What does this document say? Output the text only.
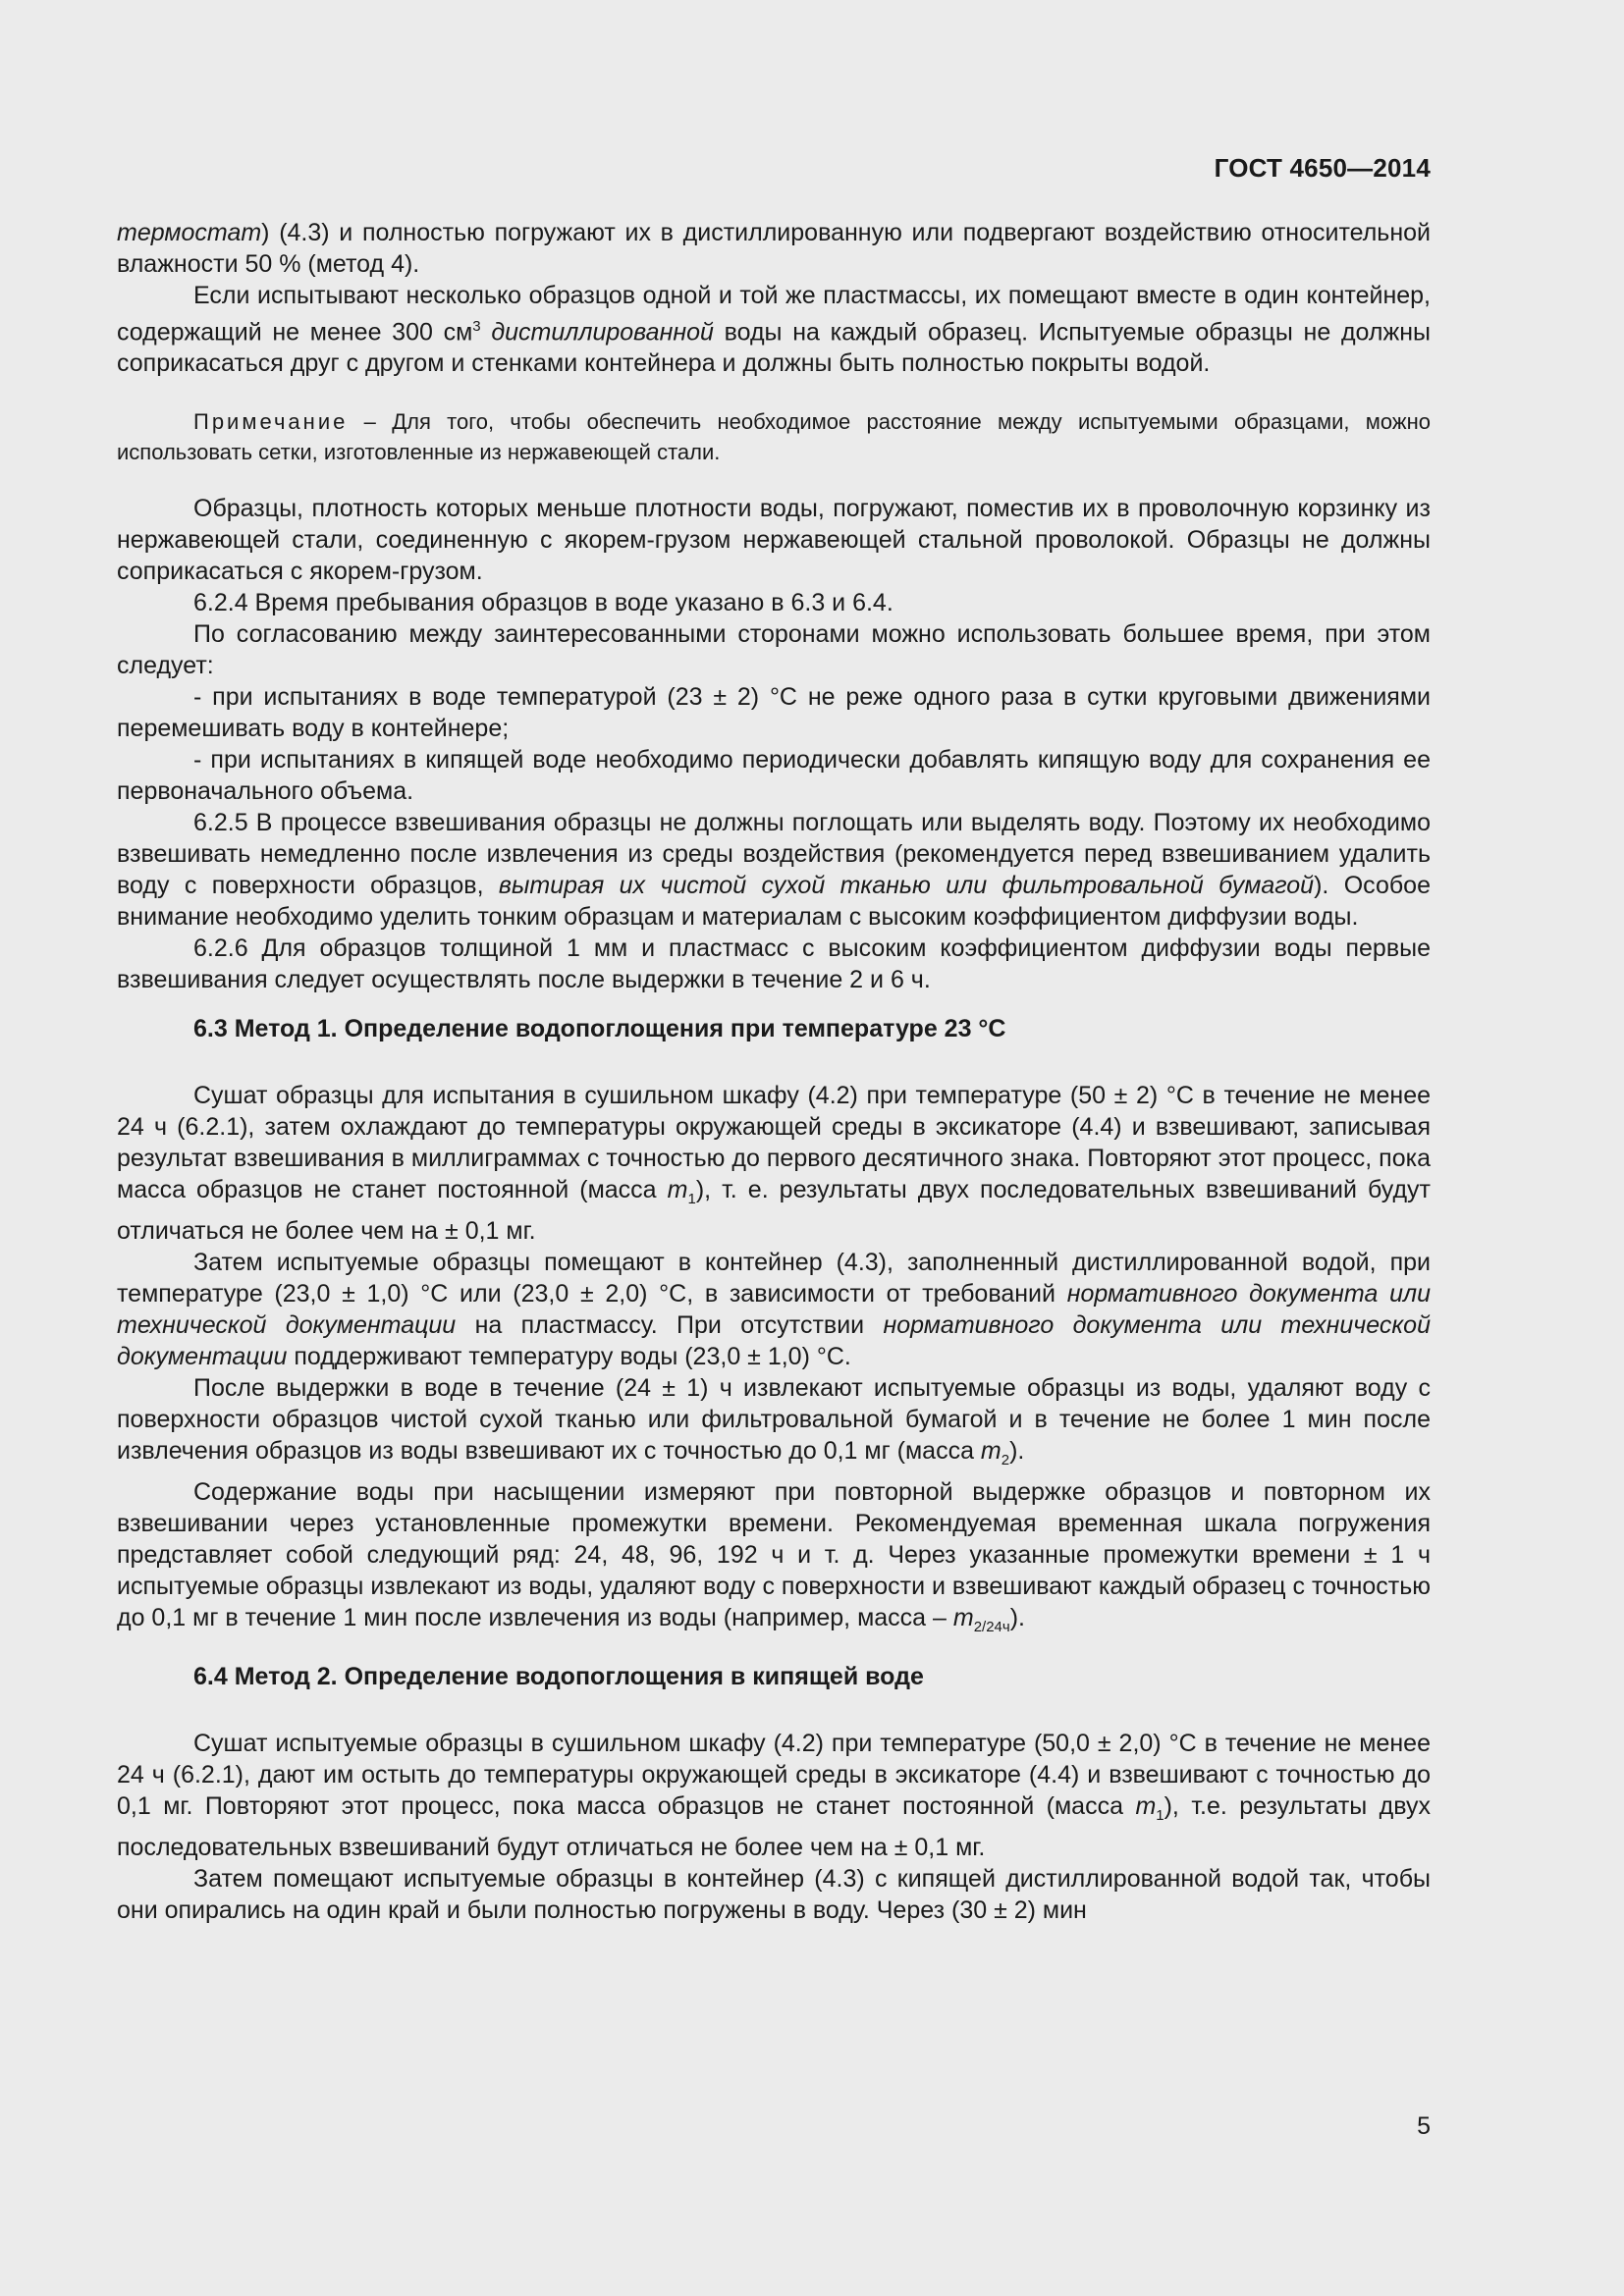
ГОСТ 4650—2014

термостат) (4.3) и полностью погружают их в дистиллированную или подвергают воздействию относительной влажности 50 % (метод 4).

Если испытывают несколько образцов одной и той же пластмассы, их помещают вместе в один контейнер, содержащий не менее 300 $см^3$ дистиллированной воды на каждый образец. Испытуемые образцы не должны соприкасаться друг с другом и стенками контейнера и должны быть полностью покрыты водой.

Примечание – Для того, чтобы обеспечить необходимое расстояние между испытуемыми образцами, можно использовать сетки, изготовленные из нержавеющей стали.

Образцы, плотность которых меньше плотности воды, погружают, поместив их в проволочную корзинку из нержавеющей стали, соединенную с якорем-грузом нержавеющей стальной проволокой. Образцы не должны соприкасаться с якорем-грузом.

6.2.4 Время пребывания образцов в воде указано в 6.3 и 6.4.

По согласованию между заинтересованными сторонами можно использовать большее время, при этом следует:

- при испытаниях в воде температурой (23 ± 2) °С не реже одного раза в сутки круговыми движениями перемешивать воду в контейнере;

- при испытаниях в кипящей воде необходимо периодически добавлять кипящую воду для сохранения ее первоначального объема.

6.2.5 В процессе взвешивания образцы не должны поглощать или выделять воду. Поэтому их необходимо взвешивать немедленно после извлечения из среды воздействия (рекомендуется перед взвешиванием удалить воду с поверхности образцов, вытирая их чистой сухой тканью или фильтровальной бумагой). Особое внимание необходимо уделить тонким образцам и материалам с высоким коэффициентом диффузии воды.

6.2.6 Для образцов толщиной 1 мм и пластмасс с высоким коэффициентом диффузии воды первые взвешивания следует осуществлять после выдержки в течение 2 и 6 ч.

6.3 Метод 1. Определение водопоглощения при температуре 23 °С

Сушат образцы для испытания в сушильном шкафу (4.2) при температуре (50 ± 2) °С в течение не менее 24 ч (6.2.1), затем охлаждают до температуры окружающей среды в эксикаторе (4.4) и взвешивают, записывая результат взвешивания в миллиграммах с точностью до первого десятичного знака. Повторяют этот процесс, пока масса образцов не станет постоянной (масса $m_1$), т. е. результаты двух последовательных взвешиваний будут отличаться не более чем на ± 0,1 мг.

Затем испытуемые образцы помещают в контейнер (4.3), заполненный дистиллированной водой, при температуре (23,0 ± 1,0) °С или (23,0 ± 2,0) °С, в зависимости от требований нормативного документа или технической документации на пластмассу. При отсутствии нормативного документа или технической документации поддерживают температуру воды (23,0 ± 1,0) °С.

После выдержки в воде в течение (24 ± 1) ч извлекают испытуемые образцы из воды, удаляют воду с поверхности образцов чистой сухой тканью или фильтровальной бумагой и в течение не более 1 мин после извлечения образцов из воды взвешивают их с точностью до 0,1 мг (масса $m_2$).

Содержание воды при насыщении измеряют при повторной выдержке образцов и повторном их взвешивании через установленные промежутки времени. Рекомендуемая временная шкала погружения представляет собой следующий ряд: 24, 48, 96, 192 ч и т. д. Через указанные промежутки времени ± 1 ч испытуемые образцы извлекают из воды, удаляют воду с поверхности и взвешивают каждый образец с точностью до 0,1 мг в течение 1 мин после извлечения из воды (например, масса – $m_{2/24ч}$).

6.4 Метод 2. Определение водопоглощения в кипящей воде

Сушат испытуемые образцы в сушильном шкафу (4.2) при температуре (50,0 ± 2,0) °С в течение не менее 24 ч (6.2.1), дают им остыть до температуры окружающей среды в эксикаторе (4.4) и взвешивают с точностью до 0,1 мг. Повторяют этот процесс, пока масса образцов не станет постоянной (масса $m_1$), т.е. результаты двух последовательных взвешиваний будут отличаться не более чем на ± 0,1 мг.

Затем помещают испытуемые образцы в контейнер (4.3) с кипящей дистиллированной водой так, чтобы они опирались на один край и были полностью погружены в воду. Через (30 ± 2) мин

5
